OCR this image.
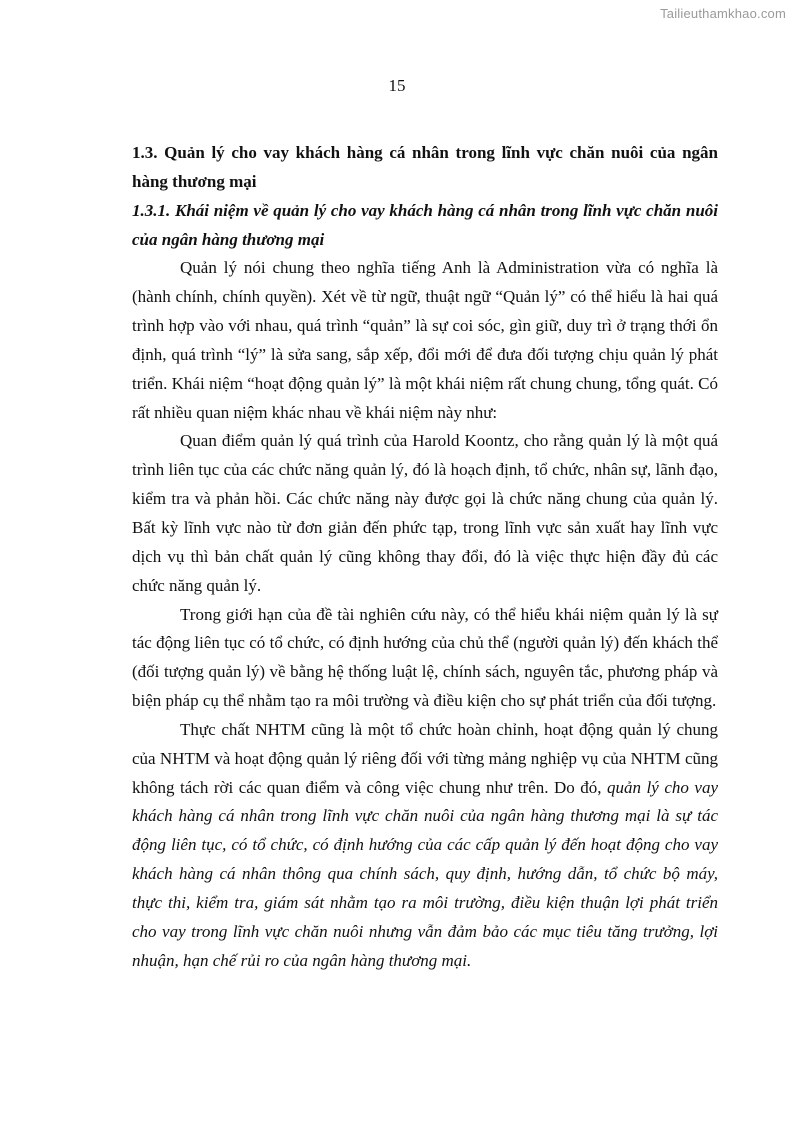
Tailieuthamkhao.com
15

1.3. Quản lý cho vay khách hàng cá nhân trong lĩnh vực chăn nuôi của ngân hàng thương mại

1.3.1. Khái niệm về quản lý cho vay khách hàng cá nhân trong lĩnh vực chăn nuôi của ngân hàng thương mại

Quản lý nói chung theo nghĩa tiếng Anh là Administration vừa có nghĩa là (hành chính, chính quyền). Xét về từ ngữ, thuật ngữ “Quản lý” có thể hiểu là hai quá trình hợp vào với nhau, quá trình “quản” là sự coi sóc, gìn giữ, duy trì ở trạng thới ổn định, quá trình “lý” là sửa sang, sắp xếp, đổi mới để đưa đối tượng chịu quản lý phát triển. Khái niệm “hoạt động quản lý” là một khái niệm rất chung chung, tổng quát. Có rất nhiều quan niệm khác nhau về khái niệm này như:

Quan điểm quản lý quá trình của Harold Koontz, cho rằng quản lý là một quá trình liên tục của các chức năng quản lý, đó là hoạch định, tổ chức, nhân sự, lãnh đạo, kiểm tra và phản hồi. Các chức năng này được gọi là chức năng chung của quản lý. Bất kỳ lĩnh vực nào từ đơn giản đến phức tạp, trong lĩnh vực sản xuất hay lĩnh vực dịch vụ thì bản chất quản lý cũng không thay đổi, đó là việc thực hiện đầy đủ các chức năng quản lý.

Trong giới hạn của đề tài nghiên cứu này, có thể hiểu khái niệm quản lý là sự tác động liên tục có tổ chức, có định hướng của chủ thể (người quản lý) đến khách thể (đối tượng quản lý) về bằng hệ thống luật lệ, chính sách, nguyên tắc, phương pháp và biện pháp cụ thể nhằm tạo ra môi trường và điều kiện cho sự phát triển của đối tượng.

Thực chất NHTM cũng là một tổ chức hoàn chỉnh, hoạt động quản lý chung của NHTM và hoạt động quản lý riêng đối với từng mảng nghiệp vụ của NHTM cũng không tách rời các quan điểm và công việc chung như trên. Do đó, quản lý cho vay khách hàng cá nhân trong lĩnh vực chăn nuôi của ngân hàng thương mại là sự tác động liên tục, có tổ chức, có định hướng của các cấp quản lý đến hoạt động cho vay khách hàng cá nhân thông qua chính sách, quy định, hướng dẫn, tổ chức bộ máy, thực thi, kiểm tra, giám sát nhằm tạo ra môi trường, điều kiện thuận lợi phát triển cho vay trong lĩnh vực chăn nuôi nhưng vẫn đảm bảo các mục tiêu tăng trưởng, lợi nhuận, hạn chế rủi ro của ngân hàng thương mại.
